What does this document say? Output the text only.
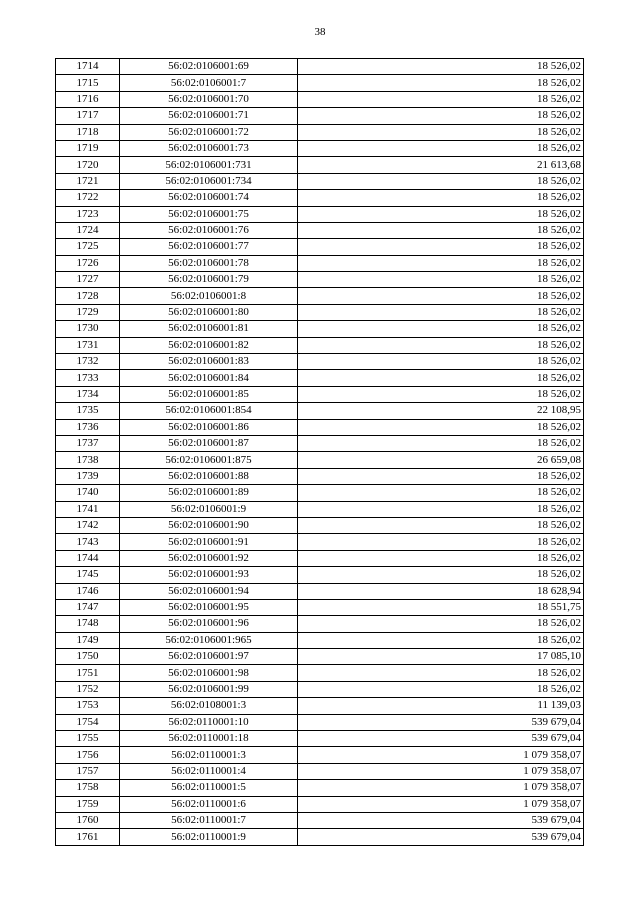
38
1714	56:02:0106001:69	18 526,02
1715	56:02:0106001:7	18 526,02
1716	56:02:0106001:70	18 526,02
1717	56:02:0106001:71	18 526,02
1718	56:02:0106001:72	18 526,02
1719	56:02:0106001:73	18 526,02
1720	56:02:0106001:731	21 613,68
1721	56:02:0106001:734	18 526,02
1722	56:02:0106001:74	18 526,02
1723	56:02:0106001:75	18 526,02
1724	56:02:0106001:76	18 526,02
1725	56:02:0106001:77	18 526,02
1726	56:02:0106001:78	18 526,02
1727	56:02:0106001:79	18 526,02
1728	56:02:0106001:8	18 526,02
1729	56:02:0106001:80	18 526,02
1730	56:02:0106001:81	18 526,02
1731	56:02:0106001:82	18 526,02
1732	56:02:0106001:83	18 526,02
1733	56:02:0106001:84	18 526,02
1734	56:02:0106001:85	18 526,02
1735	56:02:0106001:854	22 108,95
1736	56:02:0106001:86	18 526,02
1737	56:02:0106001:87	18 526,02
1738	56:02:0106001:875	26 659,08
1739	56:02:0106001:88	18 526,02
1740	56:02:0106001:89	18 526,02
1741	56:02:0106001:9	18 526,02
1742	56:02:0106001:90	18 526,02
1743	56:02:0106001:91	18 526,02
1744	56:02:0106001:92	18 526,02
1745	56:02:0106001:93	18 526,02
1746	56:02:0106001:94	18 628,94
1747	56:02:0106001:95	18 551,75
1748	56:02:0106001:96	18 526,02
1749	56:02:0106001:965	18 526,02
1750	56:02:0106001:97	17 085,10
1751	56:02:0106001:98	18 526,02
1752	56:02:0106001:99	18 526,02
1753	56:02:0108001:3	11 139,03
1754	56:02:0110001:10	539 679,04
1755	56:02:0110001:18	539 679,04
1756	56:02:0110001:3	1 079 358,07
1757	56:02:0110001:4	1 079 358,07
1758	56:02:0110001:5	1 079 358,07
1759	56:02:0110001:6	1 079 358,07
1760	56:02:0110001:7	539 679,04
1761	56:02:0110001:9	539 679,04
